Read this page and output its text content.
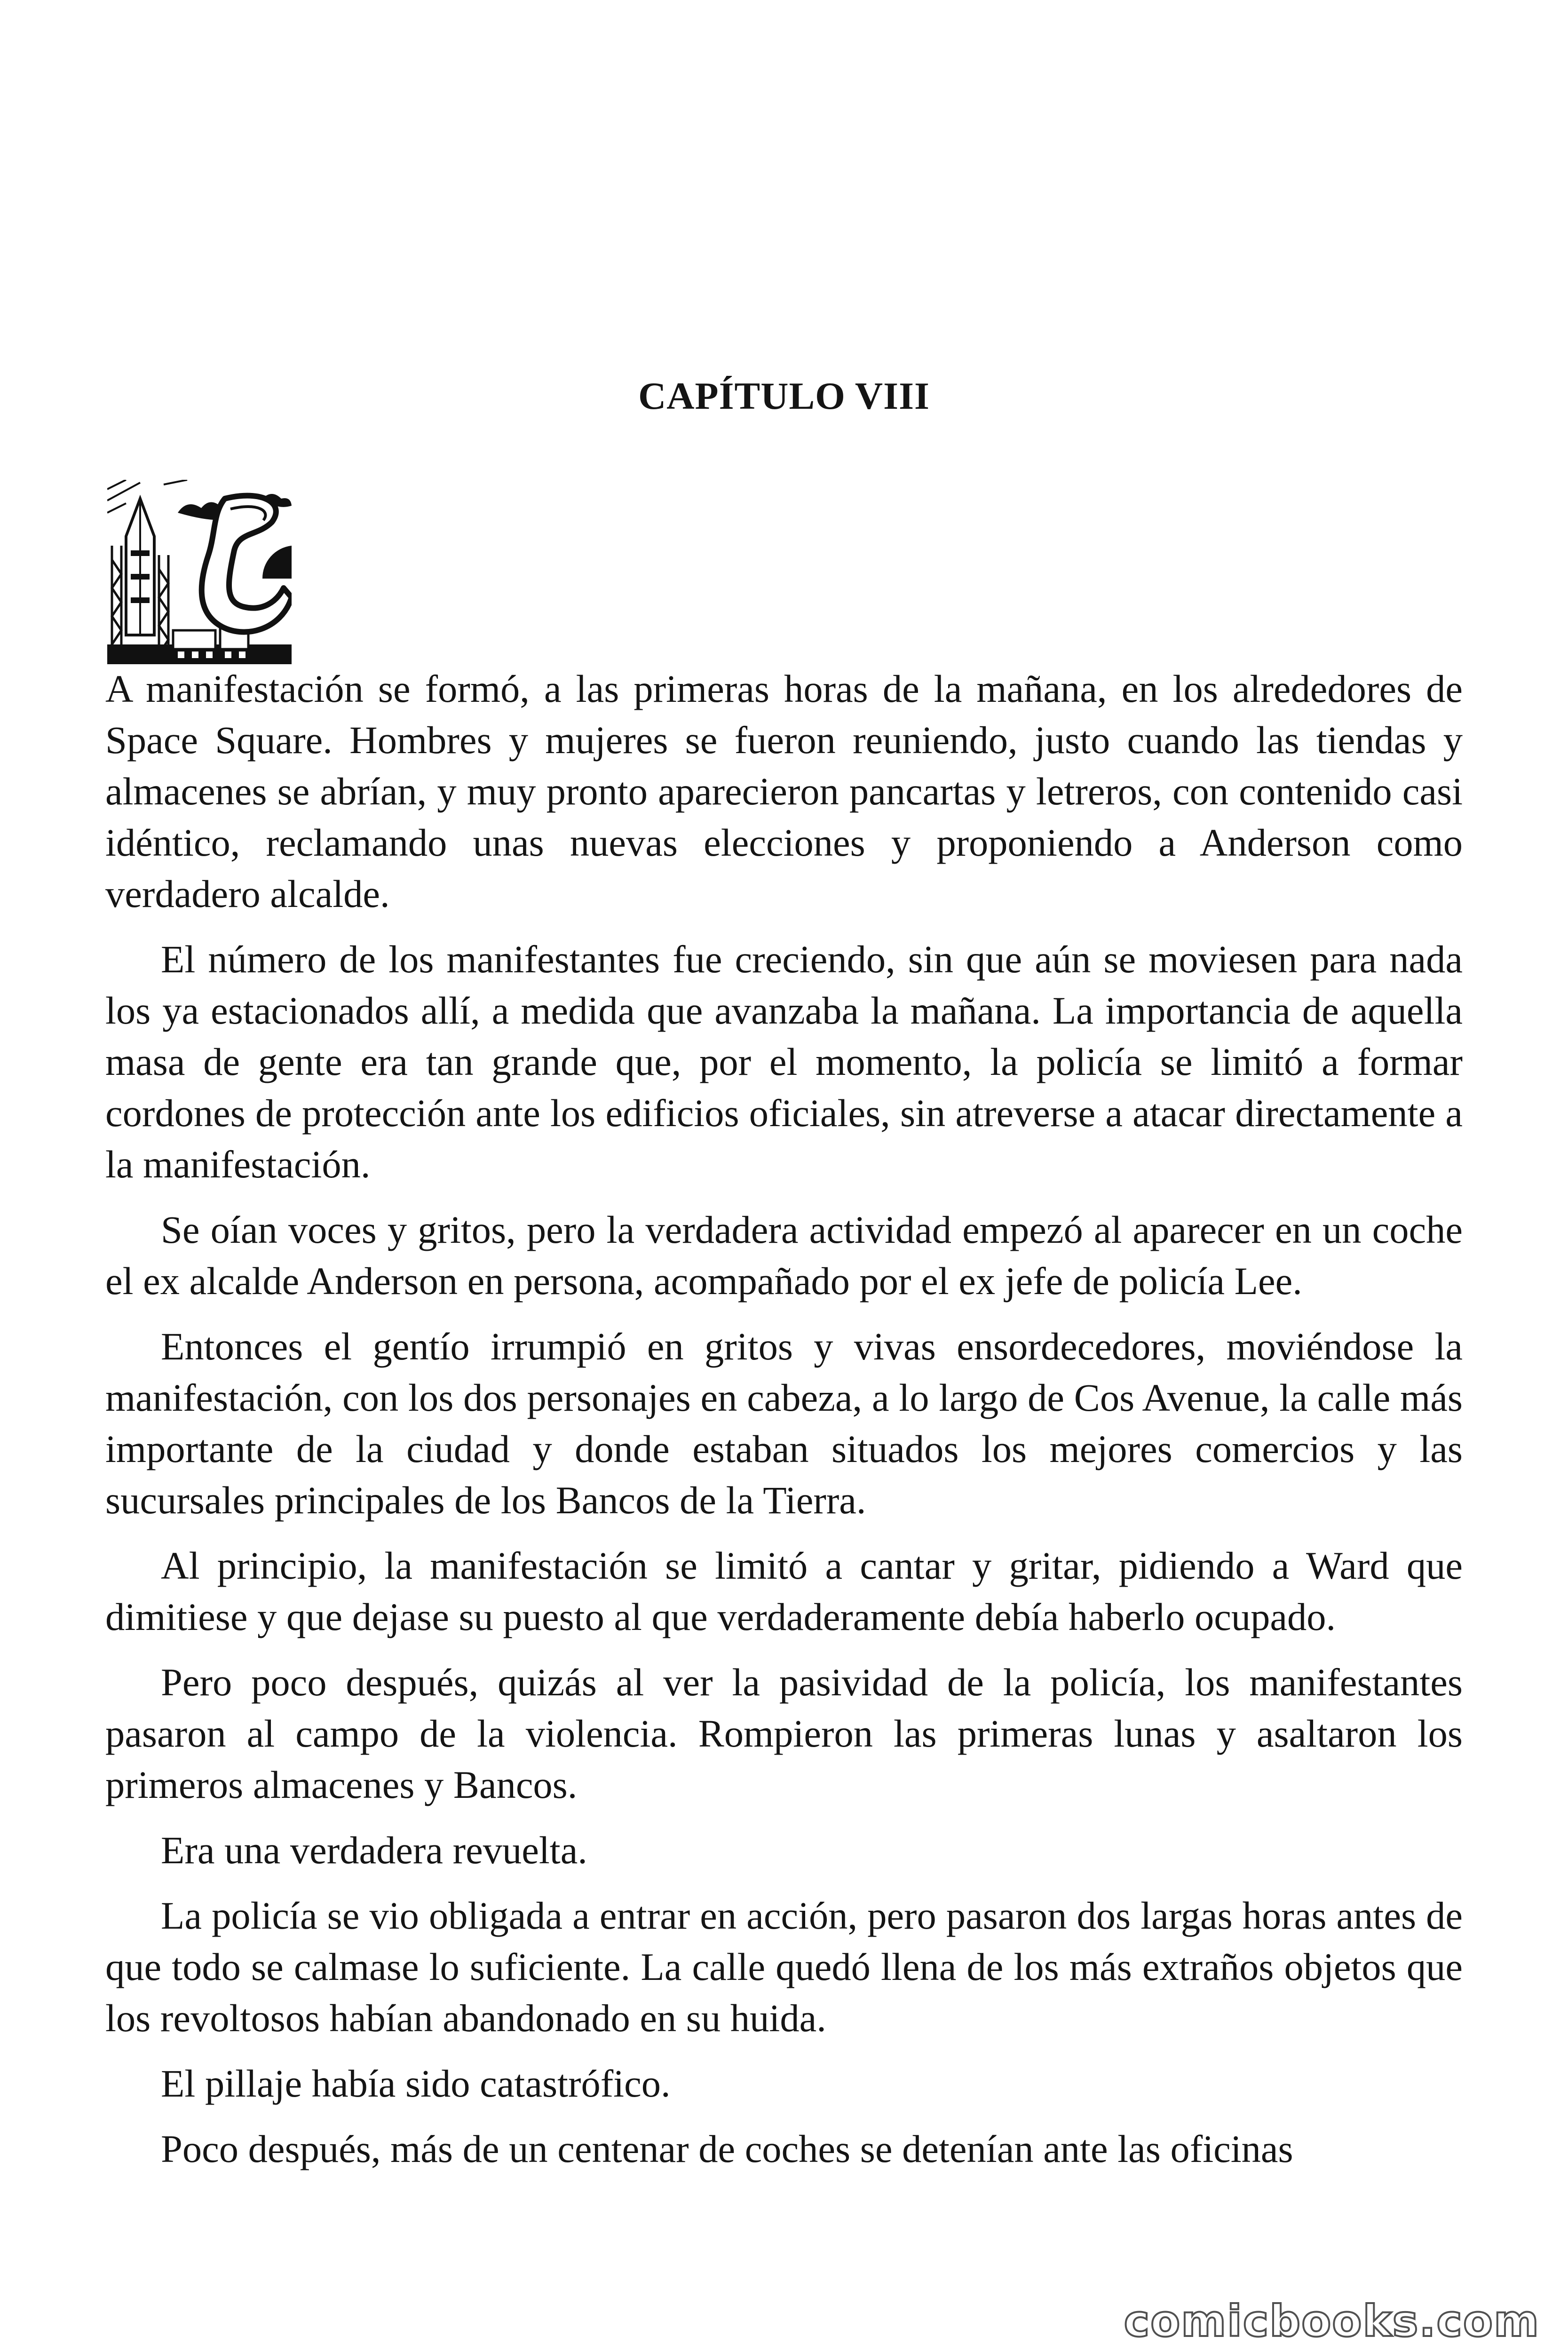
CAPÍTULO VIII

A manifestación se formó, a las primeras horas de la mañana, en los alrededores de Space Square. Hombres y mujeres se fueron reuniendo, justo cuando las tiendas y almacenes se abrían, y muy pronto aparecieron pancartas y letreros, con contenido casi idéntico, reclamando unas nuevas elecciones y proponiendo a Anderson como verdadero alcalde.

El número de los manifestantes fue creciendo, sin que aún se moviesen para nada los ya estacionados allí, a medida que avanzaba la mañana. La importancia de aquella masa de gente era tan grande que, por el momento, la policía se limitó a formar cordones de protección ante los edificios oficiales, sin atreverse a atacar directamente a la manifestación.

Se oían voces y gritos, pero la verdadera actividad empezó al aparecer en un coche el ex alcalde Anderson en persona, acompañado por el ex jefe de policía Lee.

Entonces el gentío irrumpió en gritos y vivas ensordecedores, moviéndose la manifestación, con los dos personajes en cabeza, a lo largo de Cos Avenue, la calle más importante de la ciudad y donde estaban situados los mejores comercios y las sucursales principales de los Bancos de la Tierra.

Al principio, la manifestación se limitó a cantar y gritar, pidiendo a Ward que dimitiese y que dejase su puesto al que verdaderamente debía haberlo ocupado.

Pero poco después, quizás al ver la pasividad de la policía, los manifestantes pasaron al campo de la violencia. Rompieron las primeras lunas y asaltaron los primeros almacenes y Bancos.

Era una verdadera revuelta.

La policía se vio obligada a entrar en acción, pero pasaron dos largas horas antes de que todo se calmase lo suficiente. La calle quedó llena de los más extraños objetos que los revoltosos habían abandonado en su huida.

El pillaje había sido catastrófico.

Poco después, más de un centenar de coches se detenían ante las oficinas

comicbooks.com
